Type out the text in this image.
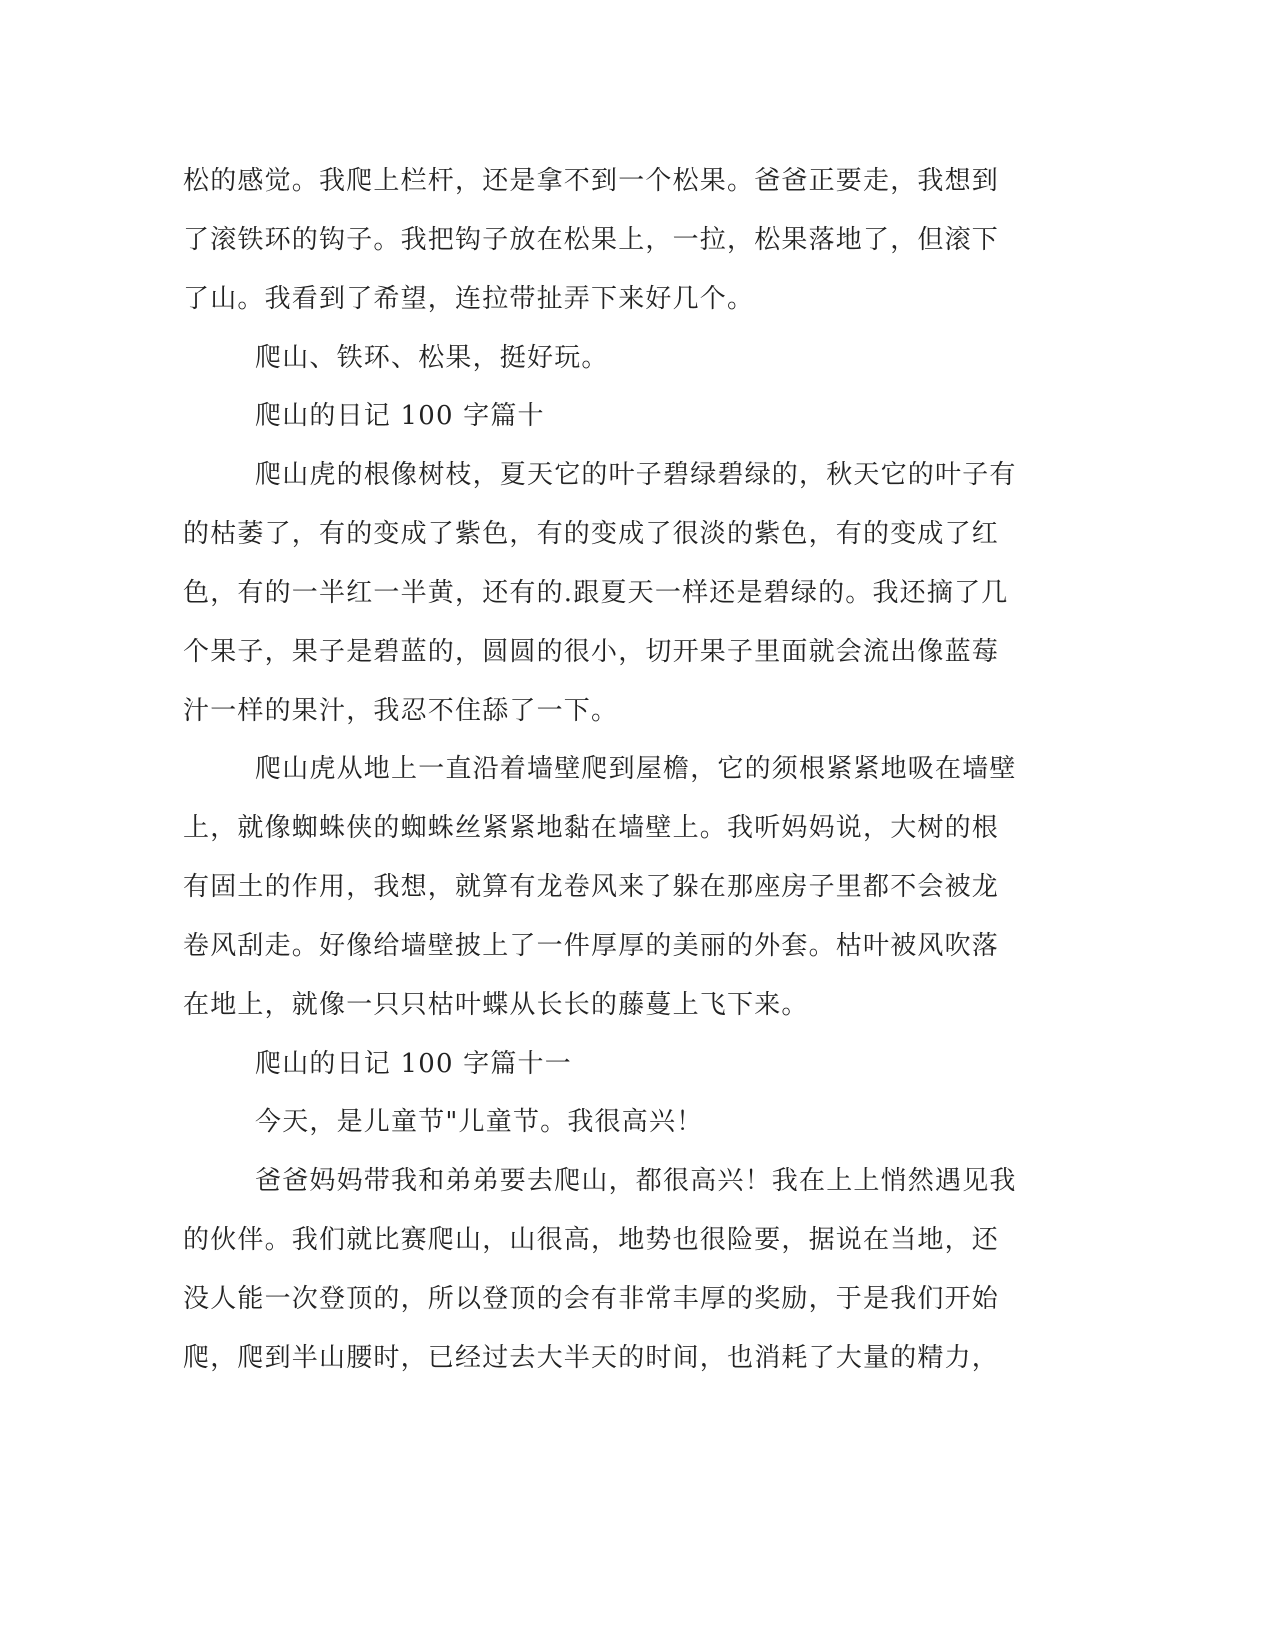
松的感觉。我爬上栏杆，还是拿不到一个松果。爸爸正要走，我想到
了滚铁环的钩子。我把钩子放在松果上，一拉，松果落地了，但滚下
了山。我看到了希望，连拉带扯弄下来好几个。
爬山、铁环、松果，挺好玩。
爬山的日记 100 字篇十
爬山虎的根像树枝，夏天它的叶子碧绿碧绿的，秋天它的叶子有
的枯萎了，有的变成了紫色，有的变成了很淡的紫色，有的变成了红
色，有的一半红一半黄，还有的.跟夏天一样还是碧绿的。我还摘了几
个果子，果子是碧蓝的，圆圆的很小，切开果子里面就会流出像蓝莓
汁一样的果汁，我忍不住舔了一下。
爬山虎从地上一直沿着墙壁爬到屋檐，它的须根紧紧地吸在墙壁
上，就像蜘蛛侠的蜘蛛丝紧紧地黏在墙壁上。我听妈妈说，大树的根
有固土的作用，我想，就算有龙卷风来了躲在那座房子里都不会被龙
卷风刮走。好像给墙壁披上了一件厚厚的美丽的外套。枯叶被风吹落
在地上，就像一只只枯叶蝶从长长的藤蔓上飞下来。
爬山的日记 100 字篇十一
今天，是儿童节"儿童节。我很高兴！
爸爸妈妈带我和弟弟要去爬山，都很高兴！我在上上悄然遇见我
的伙伴。我们就比赛爬山，山很高，地势也很险要，据说在当地，还
没人能一次登顶的，所以登顶的会有非常丰厚的奖励，于是我们开始
爬，爬到半山腰时，已经过去大半天的时间，也消耗了大量的精力，
